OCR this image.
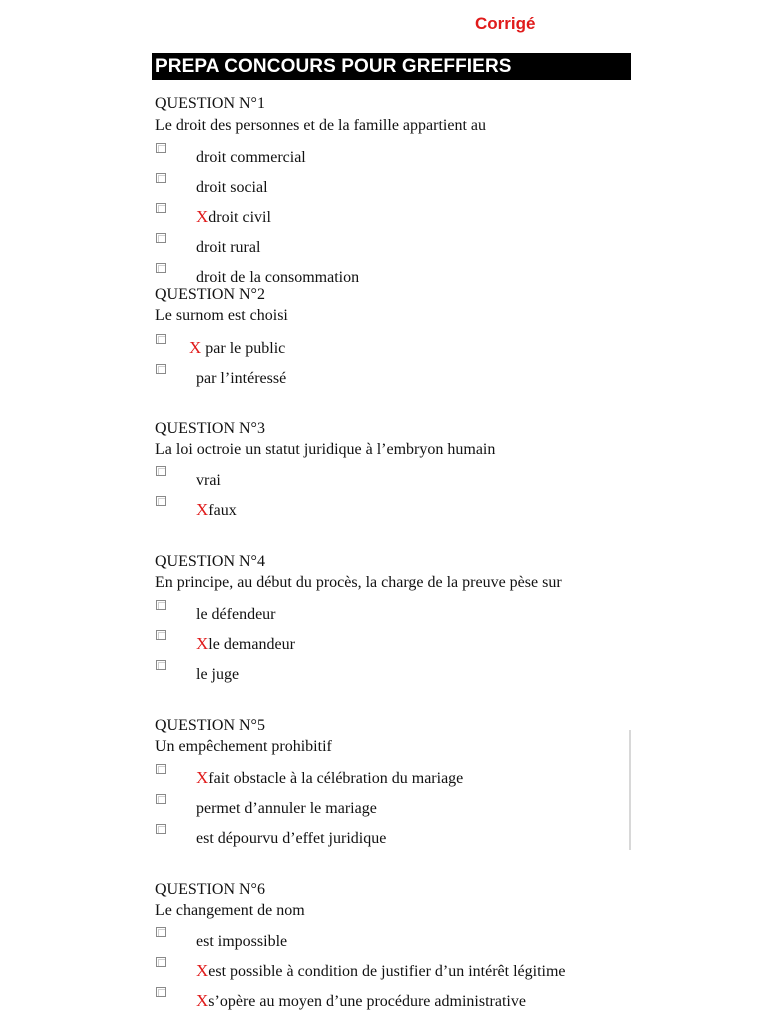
Corrigé
PREPA CONCOURS POUR GREFFIERS
QUESTION N°1
Le droit des personnes et de la famille appartient au
droit commercial
droit social
Xdroit civil
droit rural
droit de la consommation
QUESTION N°2
Le surnom est choisi
X par le public
par l’intéressé
QUESTION N°3
La loi octroie un statut juridique à l’embryon humain
vrai
Xfaux
QUESTION N°4
En principe, au début du procès, la charge de la preuve pèse sur
le défendeur
Xle demandeur
le juge
QUESTION N°5
Un empêchement prohibitif
Xfait obstacle à la célébration du mariage
permet d’annuler le mariage
est dépourvu d’effet juridique
QUESTION N°6
Le changement de nom
est impossible
Xest possible à condition de justifier d’un intérêt légitime
Xs’opère au moyen d’une procédure administrative
